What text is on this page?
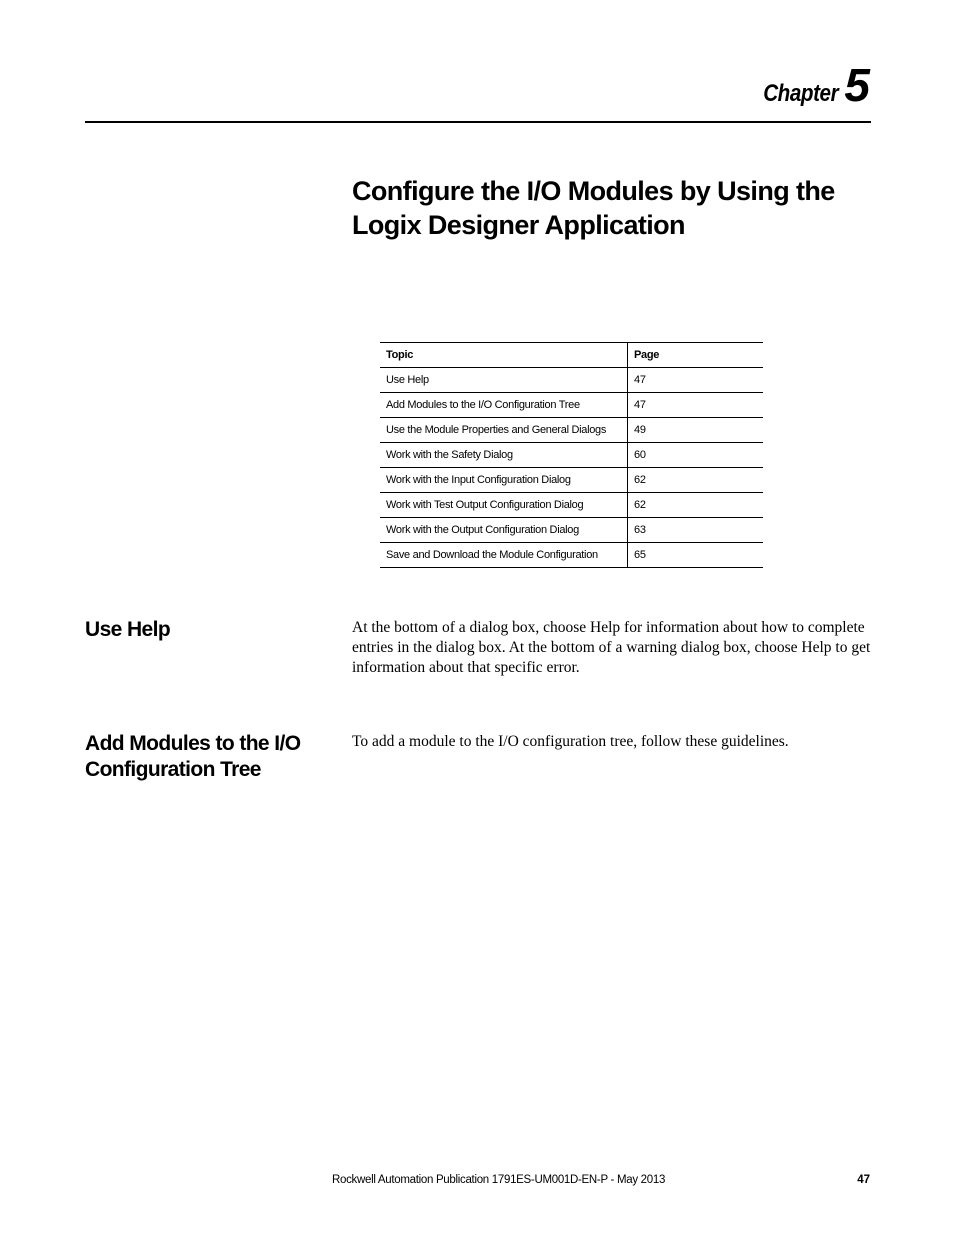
Chapter 5
Configure the I/O Modules by Using the Logix Designer Application
Topic	Page
Use Help	47
Add Modules to the I/O Configuration Tree	47
Use the Module Properties and General Dialogs	49
Work with the Safety Dialog	60
Work with the Input Configuration Dialog	62
Work with Test Output Configuration Dialog	62
Work with the Output Configuration Dialog	63
Save and Download the Module Configuration	65
Use Help	At the bottom of a dialog box, choose Help for information about how to complete entries in the dialog box. At the bottom of a warning dialog box, choose Help to get information about that specific error.

Add Modules to the I/O Configuration Tree

To add a module to the I/O configuration tree, follow these guidelines.

Rockwell Automation Publication 1791ES-UM001D-EN-P - May 2013	47
